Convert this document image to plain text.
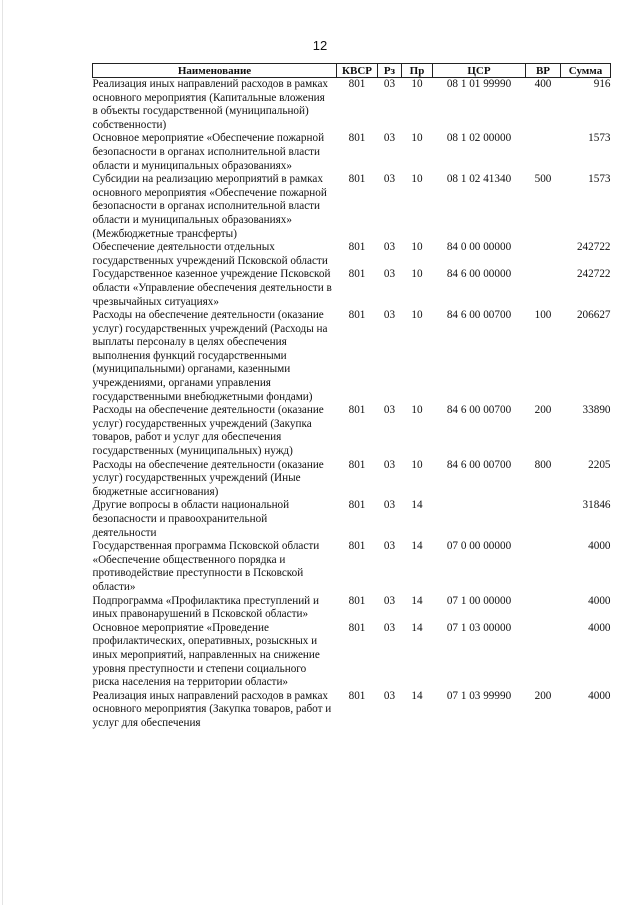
12
Наименование	КВСР	Рз	Пр	ЦСР	ВР	Сумма
Реализация иных направлений расходов в рамках основного мероприятия (Капитальные вложения в объекты государственной (муниципальной) собственности)	801	03	10	08 1 01 99990	400	916
Основное мероприятие «Обеспечение пожарной безопасности в органах исполнительной власти области и муниципальных образованиях»	801	03	10	08 1 02 00000		1573
Субсидии на реализацию мероприятий в рамках основного мероприятия «Обеспечение пожарной безопасности в органах исполнительной власти области и муниципальных образованиях» (Межбюджетные трансферты)	801	03	10	08 1 02 41340	500	1573
Обеспечение деятельности отдельных государственных учреждений Псковской области	801	03	10	84 0 00 00000		242722
Государственное казенное учреждение Псковской области «Управление обеспечения деятельности в чрезвычайных ситуациях»	801	03	10	84 6 00 00000		242722
Расходы на обеспечение деятельности (оказание услуг) государственных учреждений (Расходы на выплаты персоналу в целях обеспечения выполнения функций государственными (муниципальными) органами, казенными учреждениями, органами управления государственными внебюджетными фондами)	801	03	10	84 6 00 00700	100	206627
Расходы на обеспечение деятельности (оказание услуг) государственных учреждений (Закупка товаров, работ и услуг для обеспечения государственных (муниципальных) нужд)	801	03	10	84 6 00 00700	200	33890
Расходы на обеспечение деятельности (оказание услуг) государственных учреждений (Иные бюджетные ассигнования)	801	03	10	84 6 00 00700	800	2205
Другие вопросы в области национальной безопасности и правоохранительной деятельности	801	03	14			31846
Государственная программа Псковской области «Обеспечение общественного порядка и противодействие преступности в Псковской области»	801	03	14	07 0 00 00000		4000
Подпрограмма «Профилактика преступлений и иных правонарушений в Псковской области»	801	03	14	07 1 00 00000		4000
Основное мероприятие «Проведение профилактических, оперативных, розыскных и иных мероприятий, направленных на снижение уровня преступности и степени социального риска населения на территории области»	801	03	14	07 1 03 00000		4000
Реализация иных направлений расходов в рамках основного мероприятия (Закупка товаров, работ и услуг для обеспечения	801	03	14	07 1 03 99990	200	4000
